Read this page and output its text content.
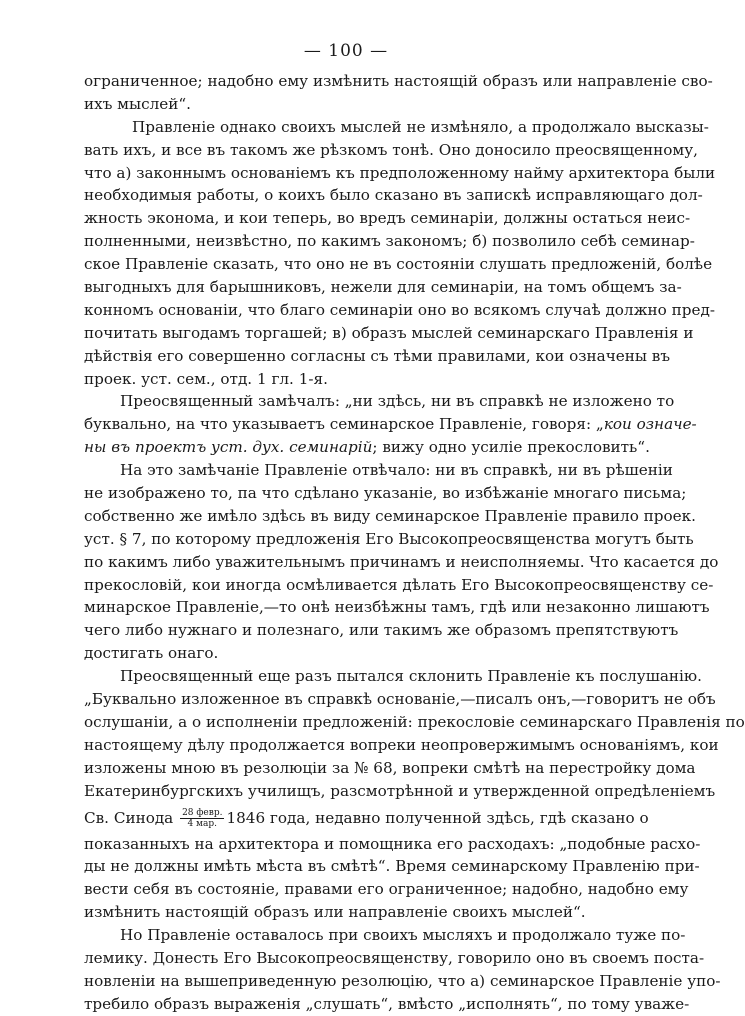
— 100 —
ограниченное; надобно ему измѣнить настоящій образъ или направленіе сво-
ихъ мыслей“.
Правленіе однако своихъ мыслей не измѣняло, а продолжало высказы-
вать ихъ, и все въ такомъ же рѣзкомъ тонѣ. Оно доносило преосвященному,
что а) законнымъ основаніемъ къ предположенному найму архитектора были
необходимыя работы, о коихъ было сказано въ запискѣ исправляющаго дол-
жность эконома, и кои теперь, во вредъ семинаріи, должны остаться неис-
полненными, неизвѣстно, по какимъ закономъ; б) позволило себѣ семинар-
ское Правленіе сказать, что оно не въ состояніи слушать предложеній, болѣе
выгодныхъ для барышниковъ, нежели для семинаріи, на томъ общемъ за-
конномъ основаніи, что благо семинаріи оно во всякомъ случаѣ должно пред-
почитать выгодамъ торгашей; в) образъ мыслей семинарскаго Правленія и
дѣйствія его совершенно согласны съ тѣми правилами, кои означены въ
проек. уст. сем., отд. 1 гл. 1-я.
Преосвященный замѣчалъ: „ни здѣсь, ни въ справкѣ не изложено то
буквально, на что указываетъ семинарское Правленіе, говоря: „кои означе-
ны въ проектъ уст. дух. семинарій; вижу одно усиліе прекословить“.
На это замѣчаніе Правленіе отвѣчало: ни въ справкѣ, ни въ рѣшеніи
не изображено то, па что сдѣлано указаніе, во избѣжаніе многаго письма;
собственно же имѣло здѣсь въ виду семинарское Правленіе правило проек.
уст. § 7, по которому предложенія Его Высокопреосвященства могутъ быть
по какимъ либо уважительнымъ причинамъ и неисполняемы. Что касается до
прекословій, кои иногда осмѣливается дѣлать Его Высокопреосвященству се-
минарское Правленіе,—то онѣ неизбѣжны тамъ, гдѣ или незаконно лишаютъ
чего либо нужнаго и полезнаго, или такимъ же образомъ препятствуютъ
достигать онаго.
Преосвященный еще разъ пытался склонить Правленіе къ послушанію.
„Буквально изложенное въ справкѣ основаніе,—писалъ онъ,—говоритъ не объ
ослушаніи, а о исполненіи предложеній: прекословіе семинарскаго Правленія по
настоящему дѣлу продолжается вопреки неопровержимымъ основаніямъ, кои
изложены мною въ резолюціи за № 68, вопреки смѣтѣ на перестройку дома
Екатеринбургскихъ училищъ, разсмотрѣнной и утвержденной опредѣленіемъ
Св. Синода $\frac{\text{28 февр.}}{\text{4 мар.}} 1846$ года, недавно полученной здѣсь, гдѣ сказано о
показанныхъ на архитектора и помощника его расходахъ: „подобные расхо-
ды не должны имѣть мѣста въ смѣтѣ“. Время семинарскому Правленію при-
вести себя въ состояніе, правами его ограниченное; надобно, надобно ему
измѣнить настоящій образъ или направленіе своихъ мыслей“.
Но Правленіе оставалось при своихъ мысляхъ и продолжало туже по-
лемику. Донесть Его Высокопреосвященству, говорило оно въ своемъ поста-
новленіи на вышеприведенную резолюцію, что а) семинарское Правленіе упо-
требило образъ выраженія „слушать“, вмѣсто „исполнять“, по тому уваже-
